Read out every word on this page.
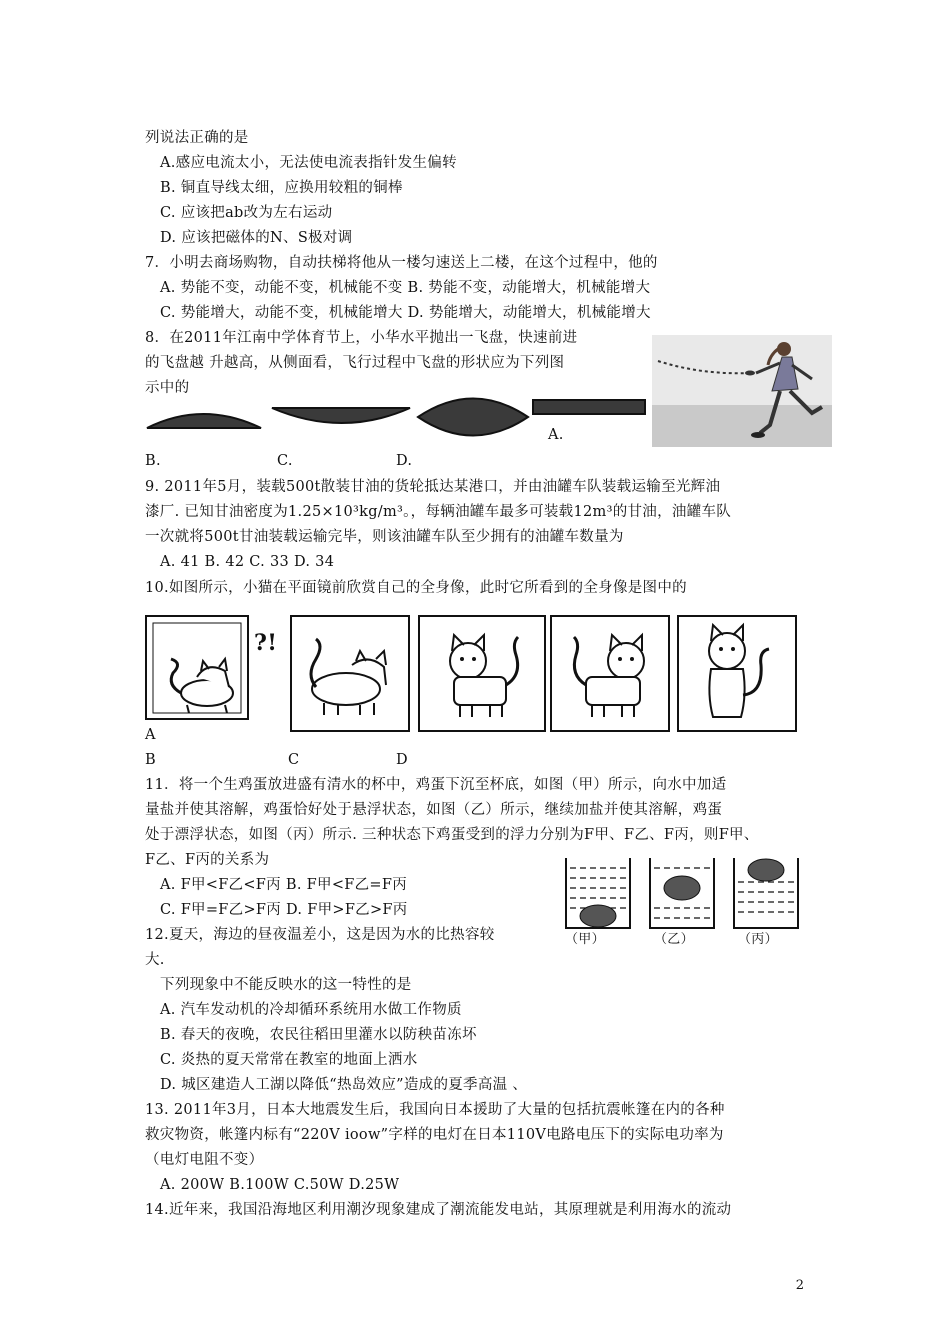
列说法正确的是
A.感应电流太小，无法使电流表指针发生偏转
B. 铜直导线太细，应换用较粗的铜棒
C. 应该把ab改为左右运动
D. 应该把磁体的N、S极对调
7．小明去商场购物，自动扶梯将他从一楼匀速送上二楼，在这个过程中，他的
A. 势能不变，动能不变，机械能不变 B. 势能不变，动能增大，机械能增大
C. 势能增大，动能不变，机械能增大 D. 势能增大，动能增大，机械能增大
8．在2011年江南中学体育节上，小华水平抛出一飞盘，快速前进
的飞盘越 升越高，从侧面看，飞行过程中飞盘的形状应为下列图
示中的
A.
B.	C.	D.
9. 2011年5月，装载500t散装甘油的货轮抵达某港口，并由油罐车队装载运输至光辉油
漆厂. 已知甘油密度为1.25×10³kg/m³。，每辆油罐车最多可装载12m³的甘油，油罐车队
一次就将500t甘油装载运输完毕，则该油罐车队至少拥有的油罐车数量为
A. 41 B. 42 C. 33 D. 34
10.如图所示，小猫在平面镜前欣赏自己的全身像，此时它所看到的全身像是图中的
?!
A
B	C	D
11．将一个生鸡蛋放进盛有清水的杯中，鸡蛋下沉至杯底，如图（甲）所示，向水中加适
量盐并使其溶解，鸡蛋恰好处于悬浮状态，如图（乙）所示，继续加盐并使其溶解，鸡蛋
处于漂浮状态，如图（丙）所示. 三种状态下鸡蛋受到的浮力分别为F甲、F乙、F丙，则F甲、
F乙、F丙的关系为
A. F甲<F乙<F丙 B. F甲<F乙=F丙
C. F甲=F乙>F丙 D. F甲>F乙>F丙
（甲）	（乙）	（丙）
12.夏天，海边的昼夜温差小，这是因为水的比热容较
大.
下列现象中不能反映水的这一特性的是
A. 汽车发动机的冷却循环系统用水做工作物质
B. 春天的夜晚，农民往稻田里灌水以防秧苗冻坏
C. 炎热的夏天常常在教室的地面上洒水
D. 城区建造人工湖以降低“热岛效应”造成的夏季高温 、
13. 2011年3月，日本大地震发生后，我国向日本援助了大量的包括抗震帐篷在内的各种
救灾物资，帐篷内标有“220V ioow”字样的电灯在日本110V电路电压下的实际电功率为
（电灯电阻不变）
A. 200W B.100W C.50W D.25W
14.近年来，我国沿海地区利用潮汐现象建成了潮流能发电站，其原理就是利用海水的流动
2
